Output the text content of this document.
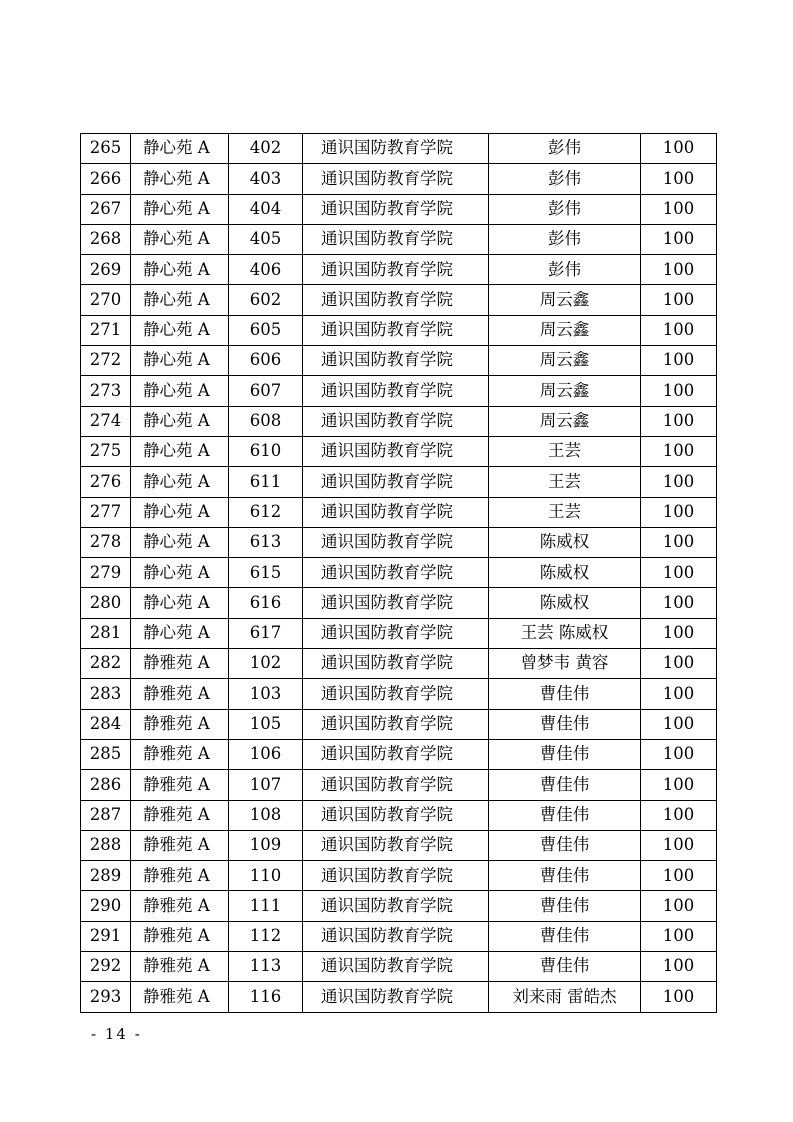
265	静心苑 A	402	通识国防教育学院	彭伟	100
266	静心苑 A	403	通识国防教育学院	彭伟	100
267	静心苑 A	404	通识国防教育学院	彭伟	100
268	静心苑 A	405	通识国防教育学院	彭伟	100
269	静心苑 A	406	通识国防教育学院	彭伟	100
270	静心苑 A	602	通识国防教育学院	周云鑫	100
271	静心苑 A	605	通识国防教育学院	周云鑫	100
272	静心苑 A	606	通识国防教育学院	周云鑫	100
273	静心苑 A	607	通识国防教育学院	周云鑫	100
274	静心苑 A	608	通识国防教育学院	周云鑫	100
275	静心苑 A	610	通识国防教育学院	王芸	100
276	静心苑 A	611	通识国防教育学院	王芸	100
277	静心苑 A	612	通识国防教育学院	王芸	100
278	静心苑 A	613	通识国防教育学院	陈威权	100
279	静心苑 A	615	通识国防教育学院	陈威权	100
280	静心苑 A	616	通识国防教育学院	陈威权	100
281	静心苑 A	617	通识国防教育学院	王芸 陈威权	100
282	静雅苑 A	102	通识国防教育学院	曾梦韦 黄容	100
283	静雅苑 A	103	通识国防教育学院	曹佳伟	100
284	静雅苑 A	105	通识国防教育学院	曹佳伟	100
285	静雅苑 A	106	通识国防教育学院	曹佳伟	100
286	静雅苑 A	107	通识国防教育学院	曹佳伟	100
287	静雅苑 A	108	通识国防教育学院	曹佳伟	100
288	静雅苑 A	109	通识国防教育学院	曹佳伟	100
289	静雅苑 A	110	通识国防教育学院	曹佳伟	100
290	静雅苑 A	111	通识国防教育学院	曹佳伟	100
291	静雅苑 A	112	通识国防教育学院	曹佳伟	100
292	静雅苑 A	113	通识国防教育学院	曹佳伟	100
293	静雅苑 A	116	通识国防教育学院	刘来雨 雷皓杰	100
- 14 -
